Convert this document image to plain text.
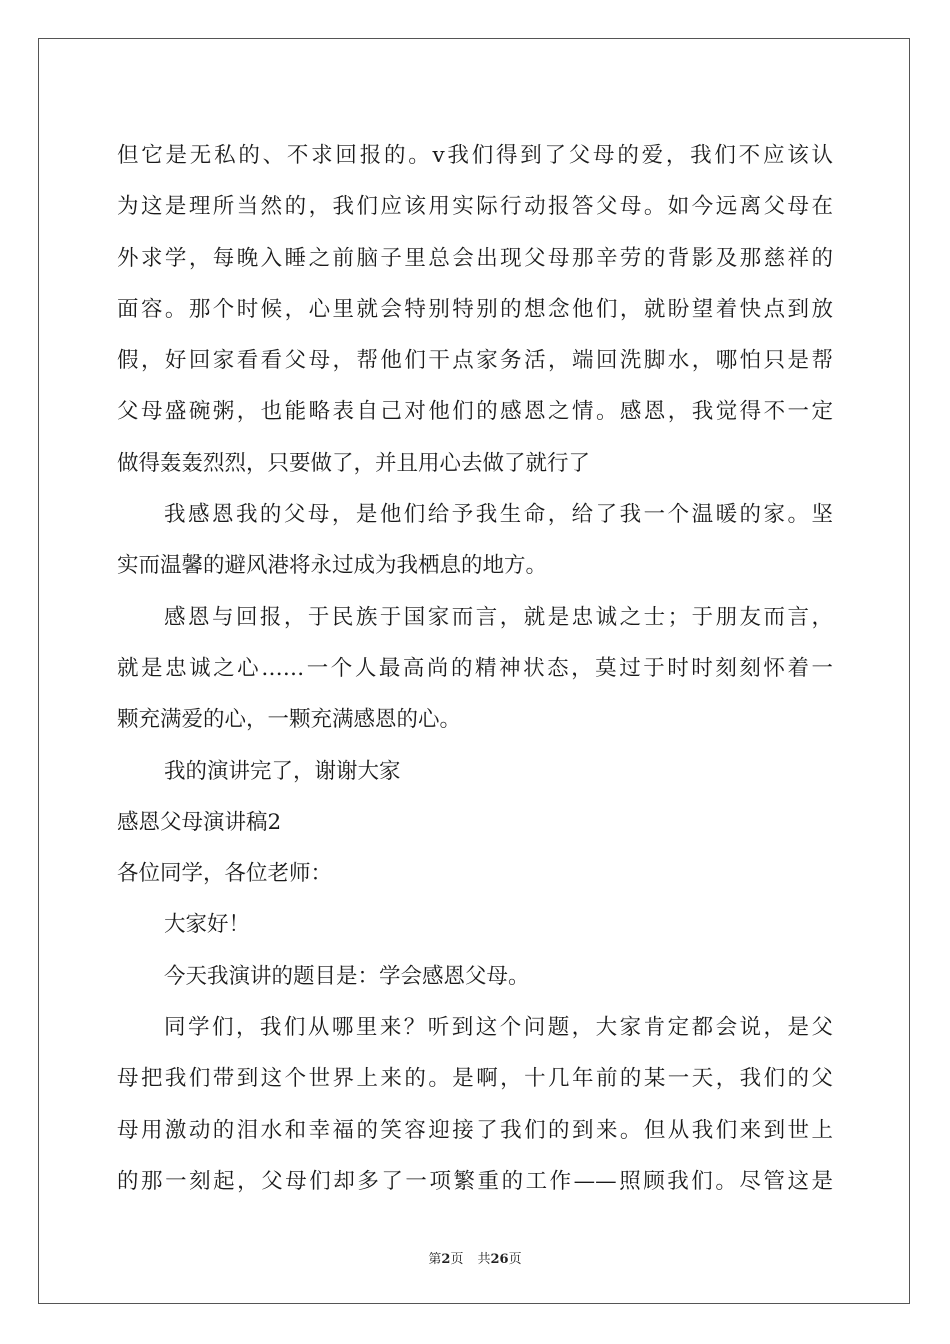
但它是无私的、不求回报的。v我们得到了父母的爱，我们不应该认
为这是理所当然的，我们应该用实际行动报答父母。如今远离父母在
外求学，每晚入睡之前脑子里总会出现父母那辛劳的背影及那慈祥的
面容。那个时候，心里就会特别特别的想念他们，就盼望着快点到放
假，好回家看看父母，帮他们干点家务活，端回洗脚水，哪怕只是帮
父母盛碗粥，也能略表自己对他们的感恩之情。感恩，我觉得不一定
做得轰轰烈烈，只要做了，并且用心去做了就行了
我感恩我的父母，是他们给予我生命，给了我一个温暖的家。坚
实而温馨的避风港将永过成为我栖息的地方。
感恩与回报，于民族于国家而言，就是忠诚之士；于朋友而言，
就是忠诚之心……一个人最高尚的精神状态，莫过于时时刻刻怀着一
颗充满爱的心，一颗充满感恩的心。
我的演讲完了，谢谢大家
感恩父母演讲稿2
各位同学，各位老师：
大家好！
今天我演讲的题目是：学会感恩父母。
同学们，我们从哪里来？听到这个问题，大家肯定都会说，是父
母把我们带到这个世界上来的。是啊，十几年前的某一天，我们的父
母用激动的泪水和幸福的笑容迎接了我们的到来。但从我们来到世上
的那一刻起，父母们却多了一项繁重的工作——照顾我们。尽管这是
第2页 共26页
